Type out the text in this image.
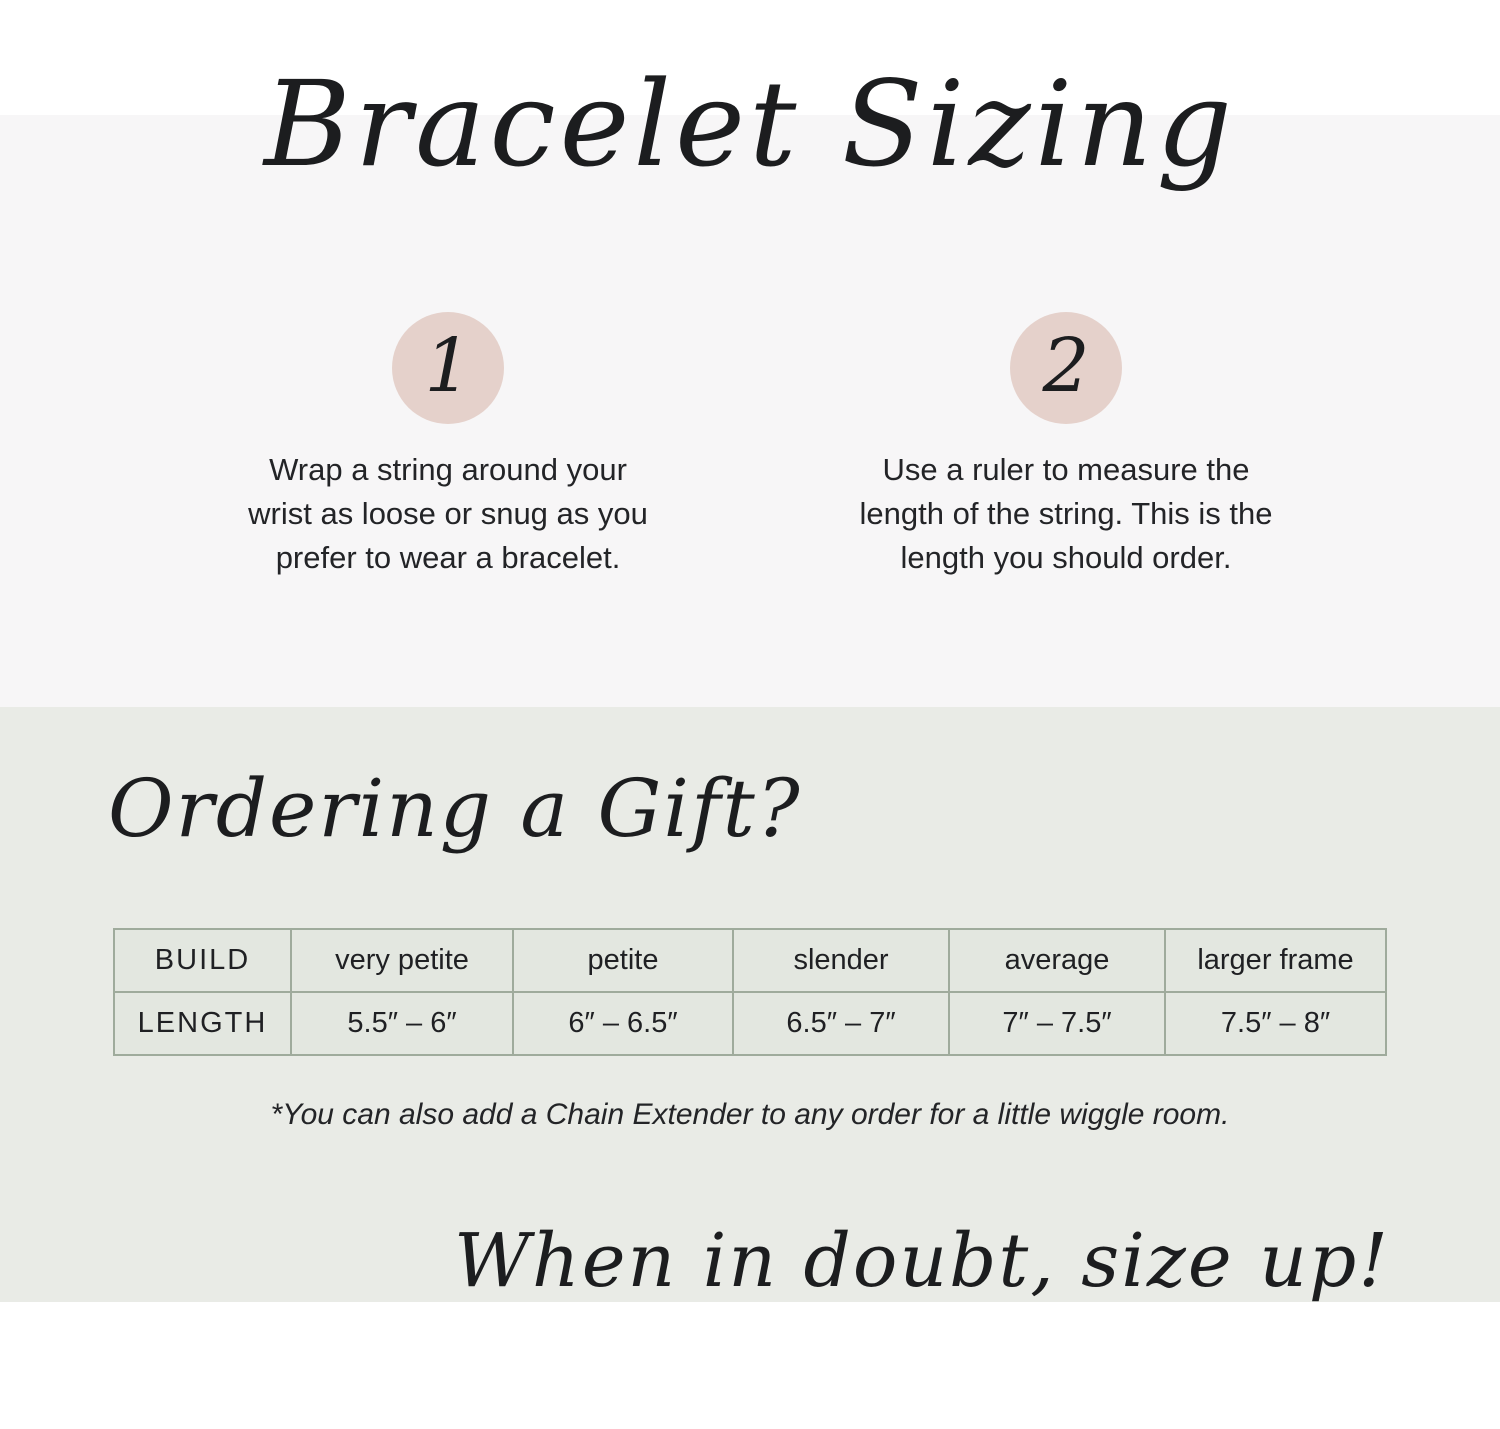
Bracelet Sizing
1
Wrap a string around your
wrist as loose or snug as you
prefer to wear a bracelet.
2
Use a ruler to measure the
length of the string. This is the
length you should order.
Ordering a Gift?
BUILD	very petite	petite	slender	average	larger frame
LENGTH	5.5″ – 6″	6″ – 6.5″	6.5″ – 7″	7″ – 7.5″	7.5″ – 8″
*You can also add a Chain Extender to any order for a little wiggle room.
When in doubt, size up!
